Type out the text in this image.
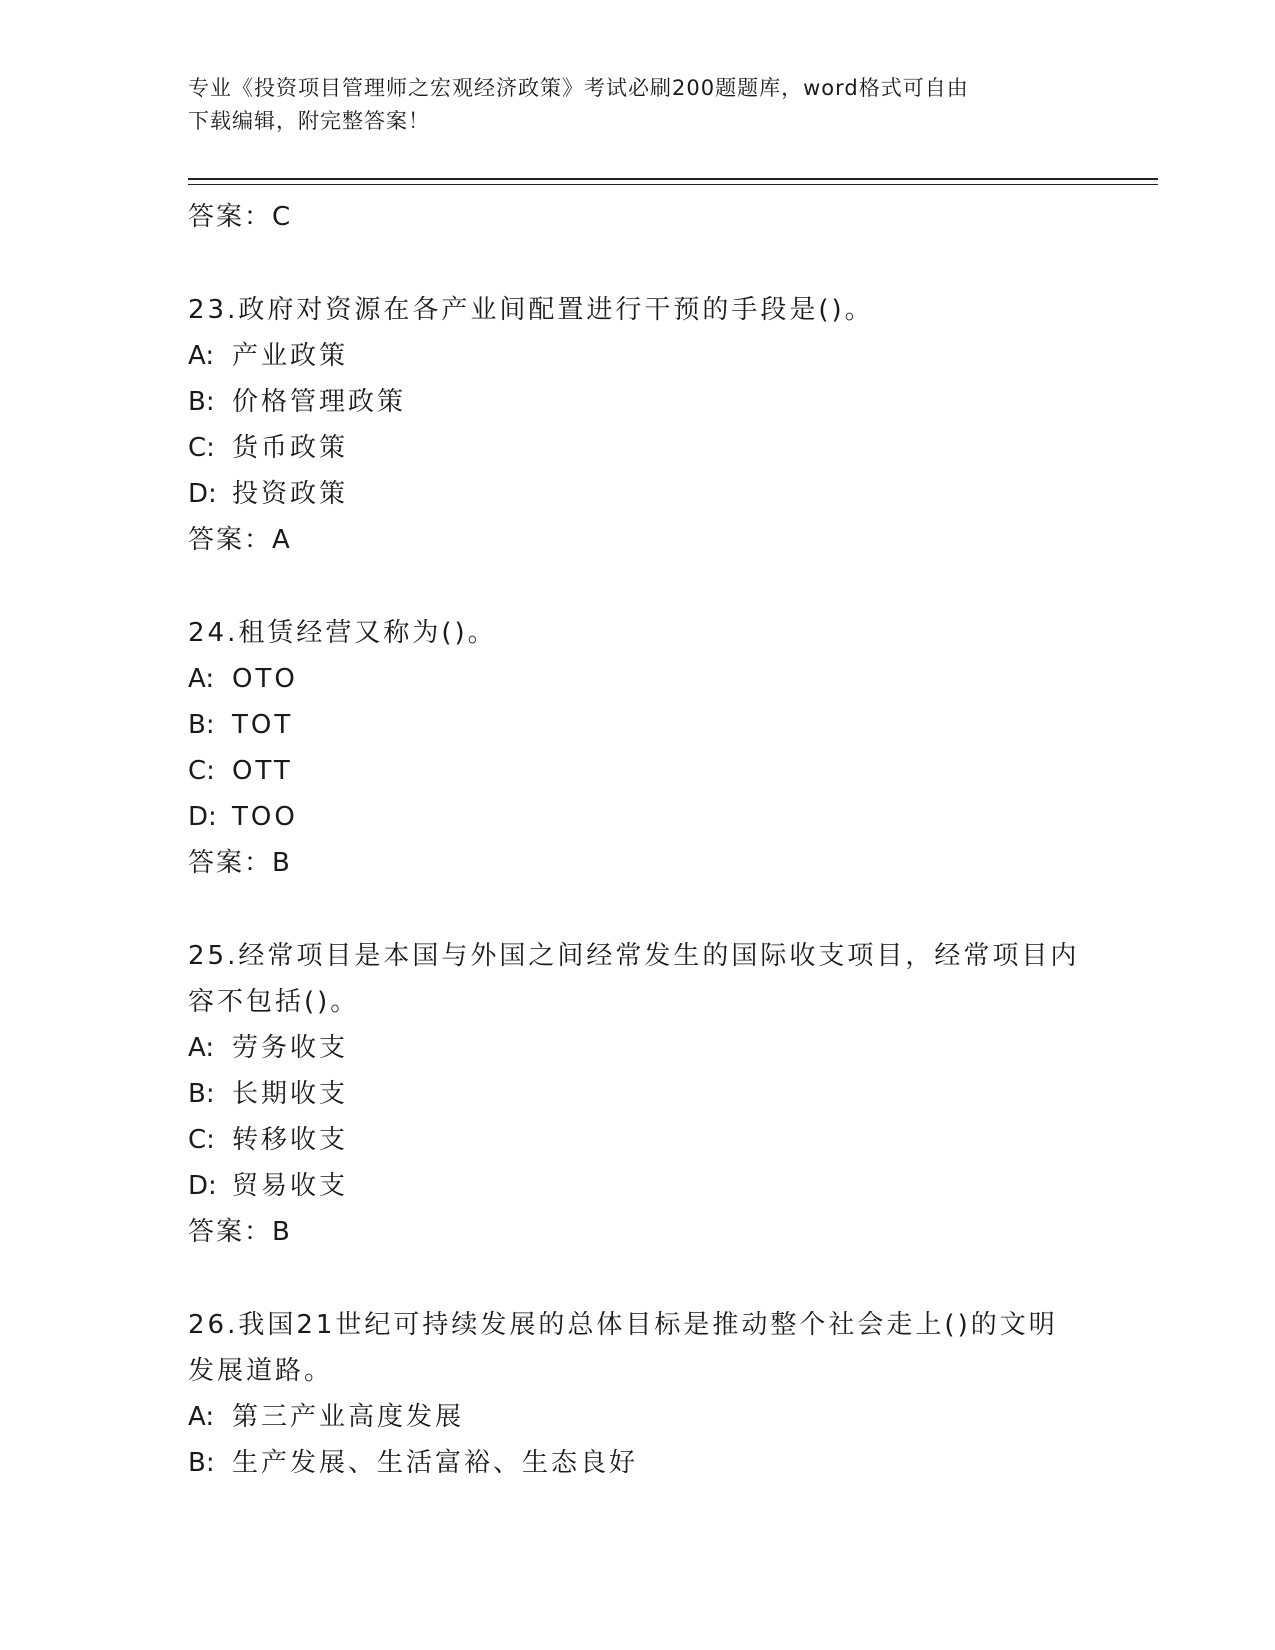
专业《投资项目管理师之宏观经济政策》考试必刷200题题库，word格式可自由
下载编辑，附完整答案！
答案：C
23.政府对资源在各产业间配置进行干预的手段是()。
A: 产业政策
B: 价格管理政策
C: 货币政策
D: 投资政策
答案：A
24.租赁经营又称为()。
A: OTO
B: TOT
C: OTT
D: TOO
答案：B
25.经常项目是本国与外国之间经常发生的国际收支项目，经常项目内
容不包括()。
A: 劳务收支
B: 长期收支
C: 转移收支
D: 贸易收支
答案：B
26.我国21世纪可持续发展的总体目标是推动整个社会走上()的文明
发展道路。
A: 第三产业高度发展
B: 生产发展、生活富裕、生态良好
